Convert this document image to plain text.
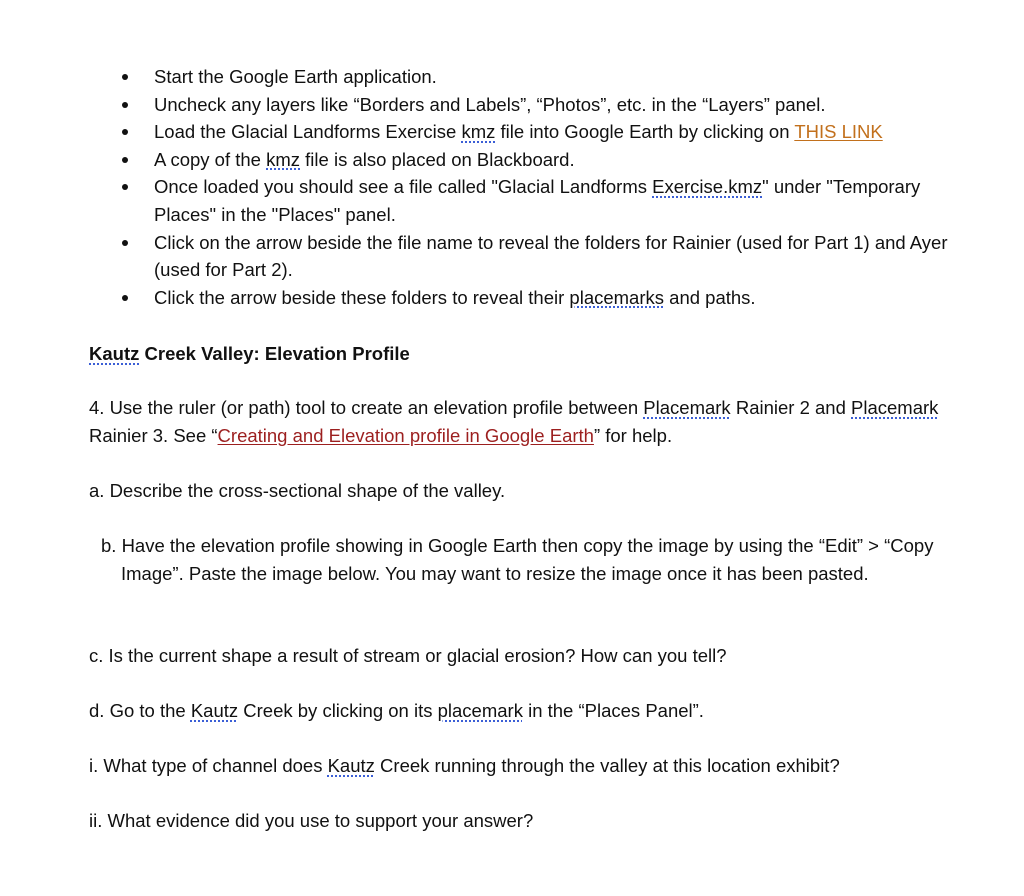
Start the Google Earth application.
Uncheck any layers like “Borders and Labels”, “Photos”, etc. in the “Layers” panel.
Load the Glacial Landforms Exercise kmz file into Google Earth by clicking on THIS LINK
A copy of the kmz file is also placed on Blackboard.
Once loaded you should see a file called "Glacial Landforms Exercise.kmz" under "Temporary Places" in the "Places" panel.
Click on the arrow beside the file name to reveal the folders for Rainier (used for Part 1) and Ayer (used for Part 2).
Click the arrow beside these folders to reveal their placemarks and paths.
Kautz Creek Valley: Elevation Profile

4. Use the ruler (or path) tool to create an elevation profile between Placemark Rainier 2 and Placemark Rainier 3. See “Creating and Elevation profile in Google Earth” for help.

a. Describe the cross-sectional shape of the valley.

b. Have the elevation profile showing in Google Earth then copy the image by using the “Edit” > “Copy Image”. Paste the image below. You may want to resize the image once it has been pasted.

c. Is the current shape a result of stream or glacial erosion? How can you tell?

d. Go to the Kautz Creek by clicking on its placemark in the “Places Panel”.

i. What type of channel does Kautz Creek running through the valley at this location exhibit?

ii. What evidence did you use to support your answer?
